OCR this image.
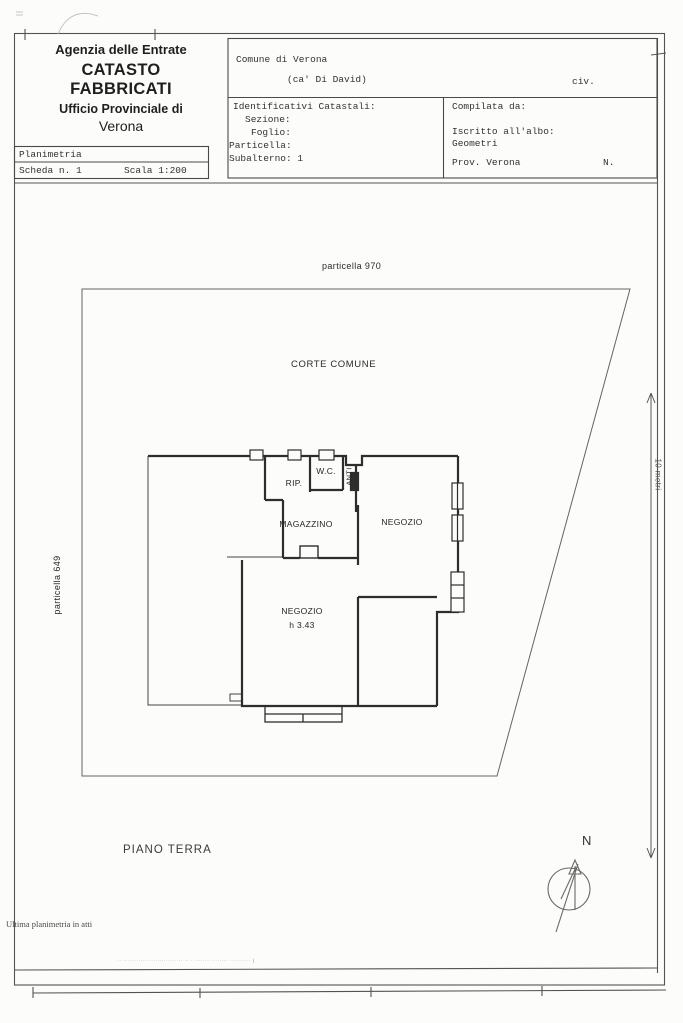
Agenzia delle Entrate
CATASTO FABBRICATI
Ufficio Provinciale di
Verona
Planimetria
Scheda n. 1	Scala 1:200
Comune di Verona
(ca' Di David)	civ.
Identificativi Catastali:
Sezione:
Foglio:
Particella:
Subalterno: 1
Compilata da:
Iscritto all'albo:
Geometri
Prov. Verona	N.
particella 970
particella 649
CORTE COMUNE
RIP.
W.C.	ANTI
MAGAZZINO	NEGOZIO
NEGOZIO
h 3.43
10 metri
PIANO TERRA
N
Ultima planimetria in atti
·· ···························· ·· · ······· ········ ·········· )
